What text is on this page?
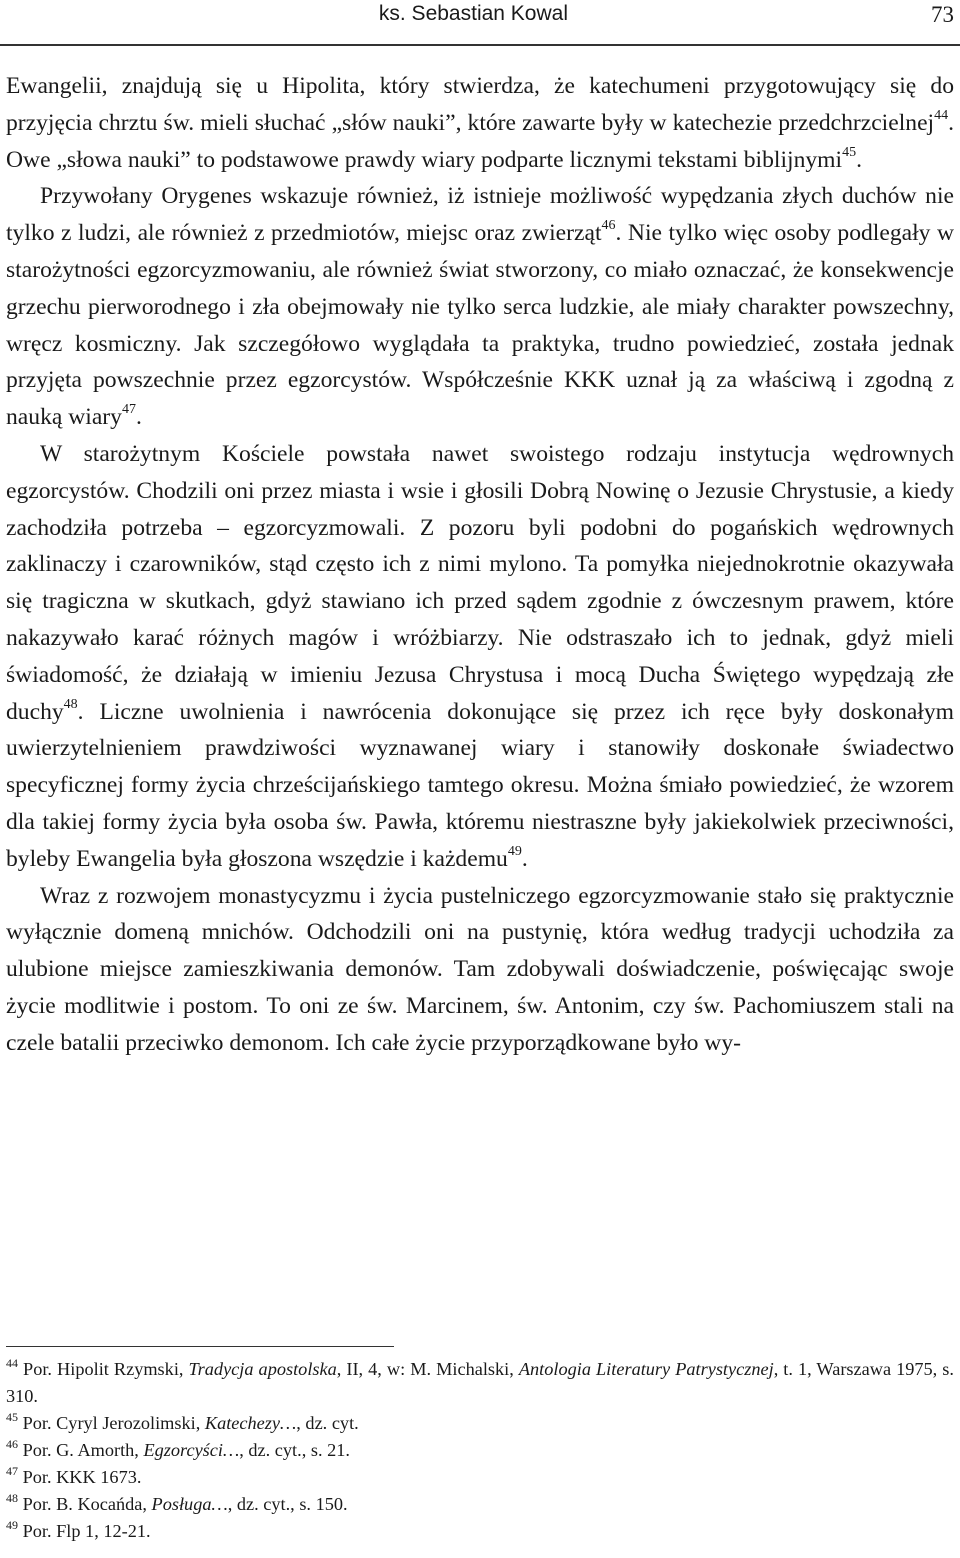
ks. Sebastian Kowal	73

Ewangelii, znajdują się u Hipolita, który stwierdza, że katechumeni przygotowujący się do przyjęcia chrztu św. mieli słuchać „słów nauki”, które zawarte były w katechezie przedchrzcielnej$^{44}$. Owe „słowa nauki” to podstawowe prawdy wiary podparte licznymi tekstami biblijnymi$^{45}$.

Przywołany Orygenes wskazuje również, iż istnieje możliwość wypędzania złych duchów nie tylko z ludzi, ale również z przedmiotów, miejsc oraz zwierząt$^{46}$. Nie tylko więc osoby podlegały w starożytności egzorcyzmowaniu, ale również świat stworzony, co miało oznaczać, że konsekwencje grzechu pierworodnego i zła obejmowały nie tylko serca ludzkie, ale miały charakter powszechny, wręcz kosmiczny. Jak szczegółowo wyglądała ta praktyka, trudno powiedzieć, została jednak przyjęta powszechnie przez egzorcystów. Współcześnie KKK uznał ją za właściwą i zgodną z nauką wiary$^{47}$.

W starożytnym Kościele powstała nawet swoistego rodzaju instytucja wędrownych egzorcystów. Chodzili oni przez miasta i wsie i głosili Dobrą Nowinę o Jezusie Chrystusie, a kiedy zachodziła potrzeba – egzorcyzmowali. Z pozoru byli podobni do pogańskich wędrownych zaklinaczy i czarowników, stąd często ich z nimi mylono. Ta pomyłka niejednokrotnie okazywała się tragiczna w skutkach, gdyż stawiano ich przed sądem zgodnie z ówczesnym prawem, które nakazywało karać różnych magów i wróżbiarzy. Nie odstraszało ich to jednak, gdyż mieli świadomość, że działają w imieniu Jezusa Chrystusa i mocą Ducha Świętego wypędzają złe duchy$^{48}$. Liczne uwolnienia i nawrócenia dokonujące się przez ich ręce były doskonałym uwierzytelnieniem prawdziwości wyznawanej wiary i stanowiły doskonałe świadectwo specyficznej formy życia chrześcijańskiego tamtego okresu. Można śmiało powiedzieć, że wzorem dla takiej formy życia była osoba św. Pawła, któremu niestraszne były jakiekolwiek przeciwności, byleby Ewangelia była głoszona wszędzie i każdemu$^{49}$.

Wraz z rozwojem monastycyzmu i życia pustelniczego egzorcyzmowanie stało się praktycznie wyłącznie domeną mnichów. Odchodzili oni na pustynię, która według tradycji uchodziła za ulubione miejsce zamieszkiwania demonów. Tam zdobywali doświadczenie, poświęcając swoje życie modlitwie i postom. To oni ze św. Marcinem, św. Antonim, czy św. Pachomiuszem stali na czele batalii przeciwko demonom. Ich całe życie przyporządkowane było wy-

$^{44}$ Por. Hipolit Rzymski, Tradycja apostolska, II, 4, w: M. Michalski, Antologia Literatury Patrystycznej, t. 1, Warszawa 1975, s. 310.

$^{45}$ Por. Cyryl Jerozolimski, Katechezy…, dz. cyt.

$^{46}$ Por. G. Amorth, Egzorcyści…, dz. cyt., s. 21.

$^{47}$ Por. KKK 1673.

$^{48}$ Por. B. Kocańda, Posługa…, dz. cyt., s. 150.

$^{49}$ Por. Flp 1, 12-21.
